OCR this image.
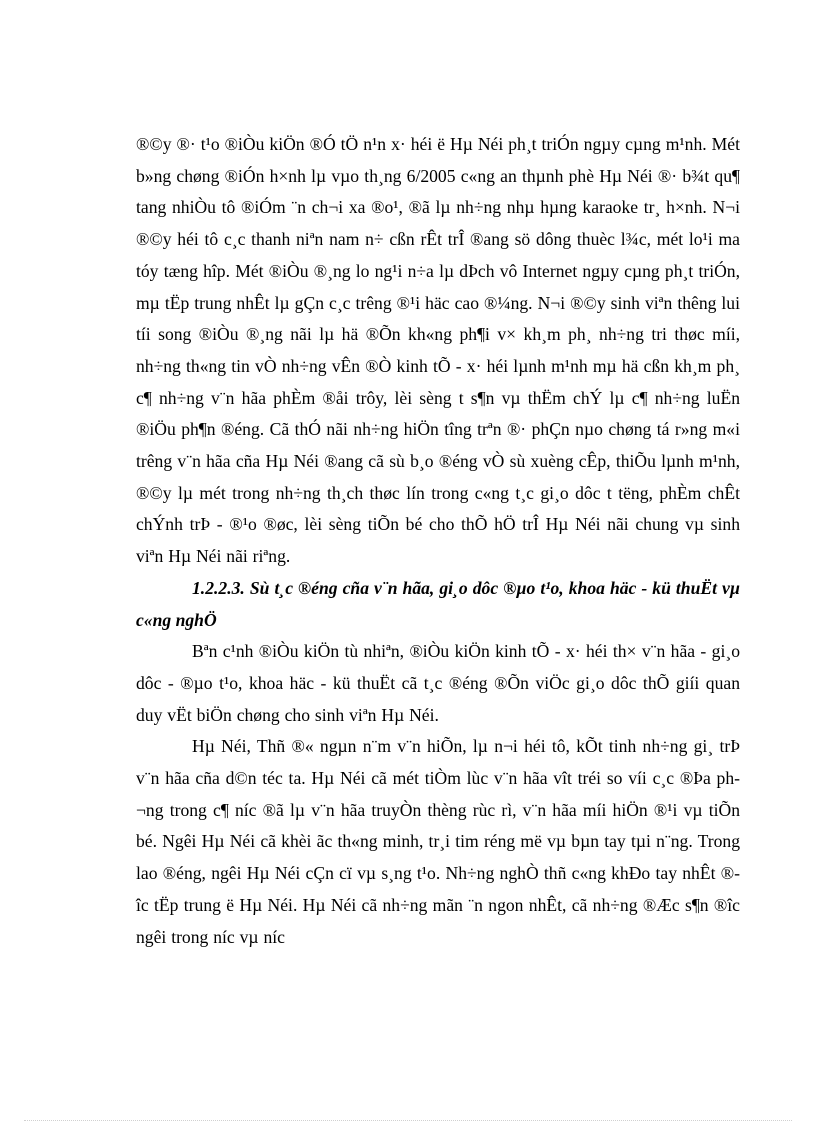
®©y ®· t¹o ®iÒu kiÖn ®Ó tÖ n¹n x· héi ë Hµ Néi ph¸t triÓn ngµy cµng m¹nh. Mét b»ng chøng ®iÓn h×nh lµ vµo th¸ng 6/2005 c«ng an thµnh phè Hµ Néi ®· b¾t qu¶ tang nhiÒu tô ®iÓm ¨n ch¬i xa ®o¹, ®ã lµ nh÷ng nhµ hµng karaoke tr¸ h×nh. N¬i ®©y héi tô c¸c thanh niªn nam n÷ cßn rÊt trÎ ®ang sö dông thuèc l¾c, mét lo¹i ma tóy tæng hîp. Mét ®iÒu ®¸ng lo ng¹i n÷a lµ dÞch vô Internet ngµy cµng ph¸t triÓn, mµ tËp trung nhÊt lµ gÇn c¸c trêng ®¹i häc cao ®¼ng. N¬i ®©y sinh viªn thêng lui tíi song ®iÒu ®¸ng nãi lµ hä ®Õn kh«ng ph¶i v× kh¸m ph¸ nh÷ng tri thøc míi, nh÷ng th«ng tin vÒ nh÷ng vÊn ®Ò kinh tÕ - x· héi lµnh m¹nh mµ hä cßn kh¸m ph¸ c¶ nh÷ng v¨n hãa phÈm ®åi trôy, lèi sèng t s¶n vµ thËm chÝ lµ c¶ nh÷ng luËn ®iÖu ph¶n ®éng. Cã thÓ nãi nh÷ng hiÖn tîng trªn ®· phÇn nµo chøng tá r»ng m«i trêng v¨n hãa cña Hµ Néi ®ang cã sù b¸o ®éng vÒ sù xuèng cÊp, thiÕu lµnh m¹nh, ®©y lµ mét trong nh÷ng th¸ch thøc lín trong c«ng t¸c gi¸o dôc t tëng, phÈm chÊt chÝnh trÞ - ®¹o ®øc, lèi sèng tiÕn bé cho thÕ hÖ trÎ Hµ Néi nãi chung vµ sinh viªn Hµ Néi nãi riªng.

1.2.2.3. Sù t¸c ®éng cña v¨n hãa, gi¸o dôc ®µo t¹o, khoa häc - kü thuËt vµ c«ng nghÖ

Bªn c¹nh ®iÒu kiÖn tù nhiªn, ®iÒu kiÖn kinh tÕ - x· héi th× v¨n hãa - gi¸o dôc - ®µo t¹o, khoa häc - kü thuËt cã t¸c ®éng ®Õn viÖc gi¸o dôc thÕ giíi quan duy vËt biÖn chøng cho sinh viªn Hµ Néi.

Hµ Néi, Thñ ®« ngµn n¨m v¨n hiÕn, lµ n¬i héi tô, kÕt tinh nh÷ng gi¸ trÞ v¨n hãa cña d©n téc ta. Hµ Néi cã mét tiÒm lùc v¨n hãa vît tréi so víi c¸c ®Þa ph¬ng trong c¶ níc ®ã lµ v¨n hãa truyÒn thèng rùc rì, v¨n hãa míi hiÖn ®¹i vµ tiÕn bé. Ngêi Hµ Néi cã khèi ãc th«ng minh, tr¸i tim réng më vµ bµn tay tµi n¨ng. Trong lao ®éng, ngêi Hµ Néi cÇn cï vµ s¸ng t¹o. Nh÷ng nghÒ thñ c«ng khÐo tay nhÊt ®îc tËp trung ë Hµ Néi. Hµ Néi cã nh÷ng mãn ¨n ngon nhÊt, cã nh÷ng ®Æc s¶n ®îc ngêi trong níc vµ níc
